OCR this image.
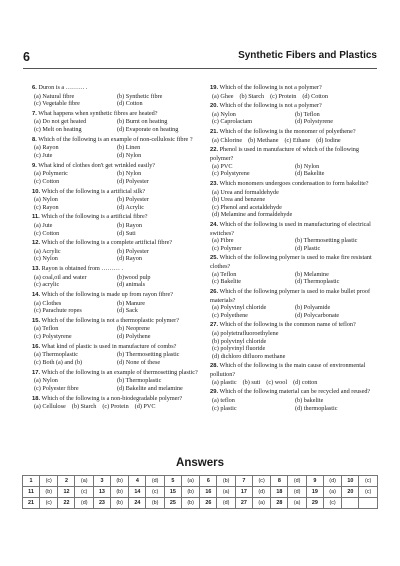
6	Synthetic Fibers and Plastics
6. Duron is a ……… .
(a) Natural fibre	(b) Synthetic fibre
(c) Vegetable fibre	(d) Cotton
7. What happens when synthetic fibres are heated?
(a) Do not get heated	(b) Burnt on heating
(c) Melt on heating	(d) Evaporate on heating
8. Which of the following is an example of non-cellulosic fibre ?
(a) Rayon	(b) Linen
(c) Jute	(d) Nylon
9. What kind of clothes don't get wrinkled easily?
(a) Polymeric	(b) Nylon
(c) Cotton	(d) Polyester
10. Which of the following is a artificial silk?
(a) Nylon	(b) Polyester
(c) Rayon	(d) Acrylic
11. Which of the following is a artificial fibre?
(a) Jute	(b) Rayon
(c) Cotton	(d) Suti
12. Which of the following is a complete artificial fibre?
(a) Acrylic	(b) Polyester
(c) Nylon	(d) Rayon
13. Rayon is obtained from ……… .
(a) coal,oil and water	(b)wood pulp
(c) acrylic	(d) animals
14. Which of the following is made up from rayon fibre?
(a) Clothes	(b) Manure
(c) Parachute ropes	(d) Sack
15. Which of the following is not a thermoplastic polymer?
(a) Teflon	(b) Neoprene
(c) Polystyrene	(d) Polythene
16. What kind of plastic is used in manufacture of combs?
(a) Thermoplastic	(b) Thermosetting plastic
(c) Both (a) and (b)	(d) None of these
17. Which of the following is an example of thermosetting plastic?
(a) Nylon	(b) Thermoplastic
(c) Polyester fibre	(d) Bakelite and melamine
18. Which of the following is a non-biodegradable polymer?
(a) Cellulose (b) Starch (c) Protein (d) PVC
19. Which of the following is not a polymer?
(a) Ghee (b) Starch (c) Protein (d) Cotton
20. Which of the following is not a polymer?
(a) Nylon	(b) Teflon
(c) Caprolactam	(d) Polystyrene
21. Which of the following is the monomer of polyethene?
(a) Chlorine (b) Methane (c) Ethane (d) Iodine
22. Phenol is used in manufacture of which of the following polymer?
(a) PVC	(b) Nylon
(c) Polystyrene	(d) Bakelite
23. Which monomers undergoes condensation to form bakelite?
(a) Urea and formaldehyde
(b) Urea and benzene
(c) Phenol and acetaldehyde
(d) Melamine and formaldehyde
24. Which of the following is used in manufacturing of electrical switches?
(a) Fibre	(b) Thermosetting plastic
(c) Polymer	(d) Plastic
25. Which of the following polymer is used to make fire resistant clothes?
(a) Teflon	(b) Melamine
(c) Bakelite	(d) Thermoplastic
26. Which of the following polymer is used to make bullet proof materials?
(a) Polyvinyl chloride	(b) Polyamide
(c) Polyethene	(d) Polycarbonate
27. Which of the following is the common name of teflon?
(a) polytetrafluoroethylene
(b) polyvinyl chloride
(c) polyvinyl fluoride
(d) dichloro difluoro methane
28. Which of the following is the main cause of environmental pollution?
(a) plastic (b) suti (c) wool (d) cotton
29. Which of the following material can be recycled and reused?
(a) teflon	(b) bakelite
(c) plastic	(d) thermoplastic
Answers
1	(c)	2	(a)	3	(b)	4	(d)	5	(a)	6	(b)	7	(c)	8	(d)	9	(d)	10	(c)
11	(b)	12	(c)	13	(b)	14	(c)	15	(b)	16	(a)	17	(d)	18	(d)	19	(a)	20	(c)
21	(c)	22	(d)	23	(b)	24	(b)	25	(b)	26	(d)	27	(a)	28	(a)	29	(c)		
